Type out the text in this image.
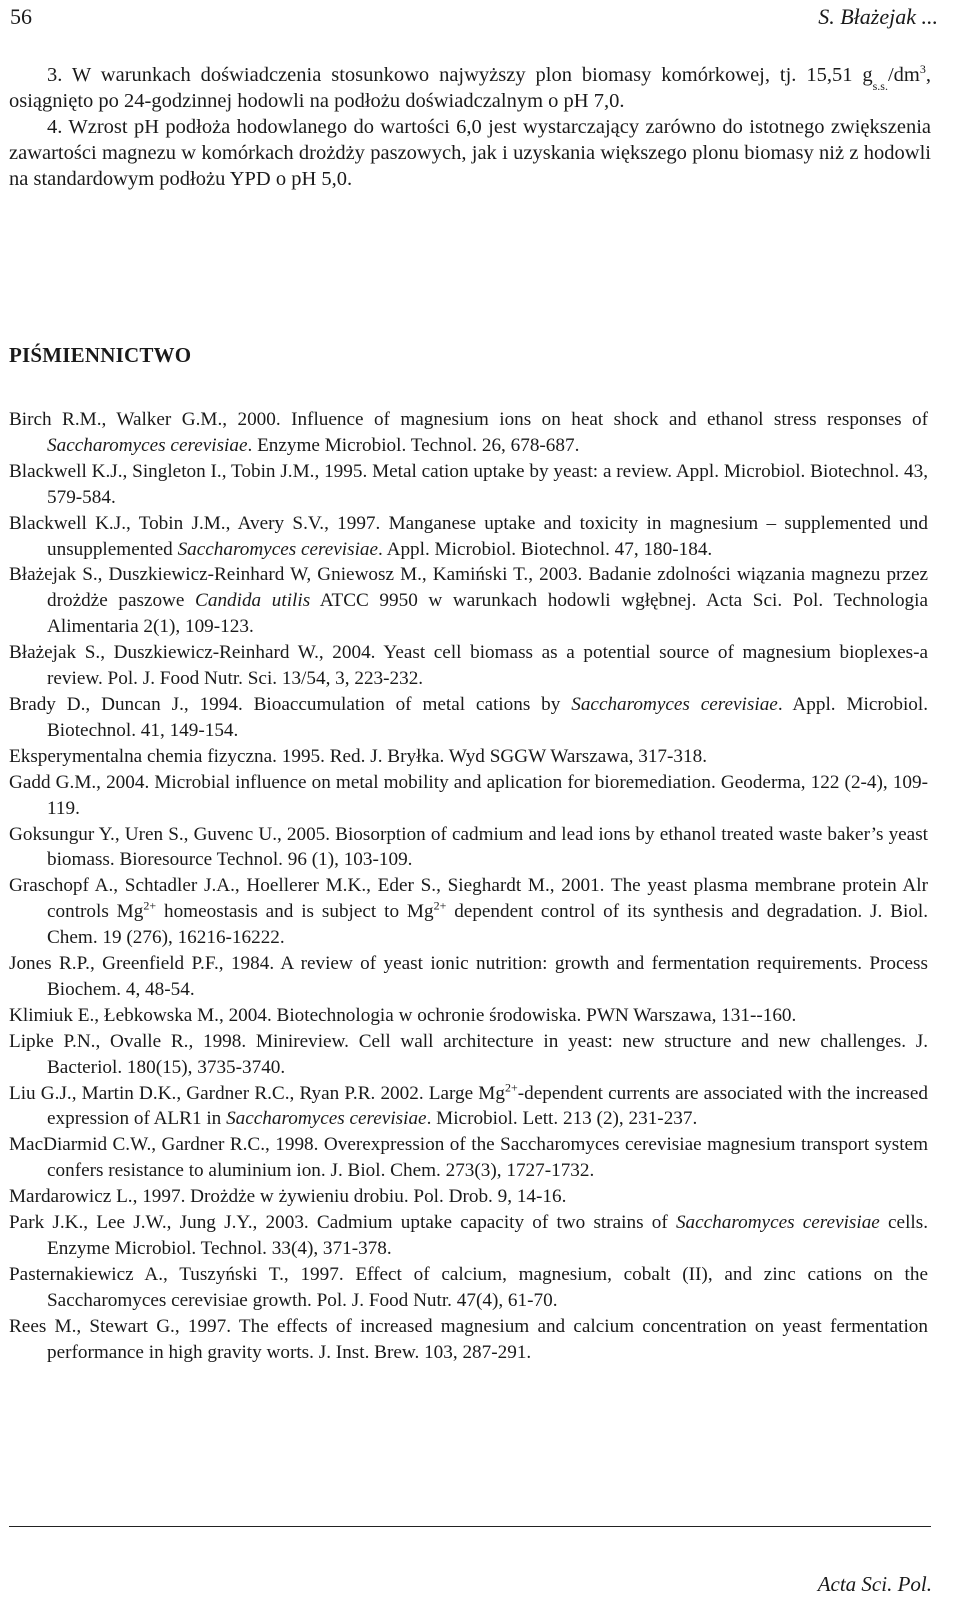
56	S. Błażejak ...

3. W warunkach doświadczenia stosunkowo najwyższy plon biomasy komórkowej, tj. 15,51 $g_{s.s.}/dm^3$, osiągnięto po 24-godzinnej hodowli na podłożu doświadczalnym o pH 7,0.

4. Wzrost pH podłoża hodowlanego do wartości 6,0 jest wystarczający zarówno do istotnego zwiększenia zawartości magnezu w komórkach drożdży paszowych, jak i uzyskania większego plonu biomasy niż z hodowli na standardowym podłożu YPD o pH 5,0.

PIŚMIENNICTWO

Birch R.M., Walker G.M., 2000. Influence of magnesium ions on heat shock and ethanol stress responses of Saccharomyces cerevisiae. Enzyme Microbiol. Technol. 26, 678-687.

Blackwell K.J., Singleton I., Tobin J.M., 1995. Metal cation uptake by yeast: a review. Appl. Microbiol. Biotechnol. 43, 579-584.

Blackwell K.J., Tobin J.M., Avery S.V., 1997. Manganese uptake and toxicity in magnesium – supplemented und unsupplemented Saccharomyces cerevisiae. Appl. Microbiol. Biotechnol. 47, 180-184.

Błażejak S., Duszkiewicz-Reinhard W, Gniewosz M., Kamiński T., 2003. Badanie zdolności wiązania magnezu przez drożdże paszowe Candida utilis ATCC 9950 w warunkach hodowli wgłębnej. Acta Sci. Pol. Technologia Alimentaria 2(1), 109-123.

Błażejak S., Duszkiewicz-Reinhard W., 2004. Yeast cell biomass as a potential source of magnesium bioplexes-a review. Pol. J. Food Nutr. Sci. 13/54, 3, 223-232.

Brady D., Duncan J., 1994. Bioaccumulation of metal cations by Saccharomyces cerevisiae. Appl. Microbiol. Biotechnol. 41, 149-154.

Eksperymentalna chemia fizyczna. 1995. Red. J. Bryłka. Wyd SGGW Warszawa, 317-318.

Gadd G.M., 2004. Microbial influence on metal mobility and aplication for bioremediation. Geoderma, 122 (2-4), 109-119.

Goksungur Y., Uren S., Guvenc U., 2005. Biosorption of cadmium and lead ions by ethanol treated waste baker’s yeast biomass. Bioresource Technol. 96 (1), 103-109.

Graschopf A., Schtadler J.A., Hoellerer M.K., Eder S., Sieghardt M., 2001. The yeast plasma membrane protein Alr controls $Mg^{2+}$ homeostasis and is subject to $Mg^{2+}$ dependent control of its synthesis and degradation. J. Biol. Chem. 19 (276), 16216-16222.

Jones R.P., Greenfield P.F., 1984. A review of yeast ionic nutrition: growth and fermentation requirements. Process Biochem. 4, 48-54.

Klimiuk E., Łebkowska M., 2004. Biotechnologia w ochronie środowiska. PWN Warszawa, 131--160.

Lipke P.N., Ovalle R., 1998. Minireview. Cell wall architecture in yeast: new structure and new challenges. J. Bacteriol. 180(15), 3735-3740.

Liu G.J., Martin D.K., Gardner R.C., Ryan P.R. 2002. Large $Mg^{2+}$-dependent currents are associated with the increased expression of ALR1 in Saccharomyces cerevisiae. Microbiol. Lett. 213 (2), 231-237.

MacDiarmid C.W., Gardner R.C., 1998. Overexpression of the Saccharomyces cerevisiae magnesium transport system confers resistance to aluminium ion. J. Biol. Chem. 273(3), 1727-1732.

Mardarowicz L., 1997. Drożdże w żywieniu drobiu. Pol. Drob. 9, 14-16.

Park J.K., Lee J.W., Jung J.Y., 2003. Cadmium uptake capacity of two strains of Saccharomyces cerevisiae cells. Enzyme Microbiol. Technol. 33(4), 371-378.

Pasternakiewicz A., Tuszyński T., 1997. Effect of calcium, magnesium, cobalt (II), and zinc cations on the Saccharomyces cerevisiae growth. Pol. J. Food Nutr. 47(4), 61-70.

Rees M., Stewart G., 1997. The effects of increased magnesium and calcium concentration on yeast fermentation performance in high gravity worts. J. Inst. Brew. 103, 287-291.

Acta Sci. Pol.
